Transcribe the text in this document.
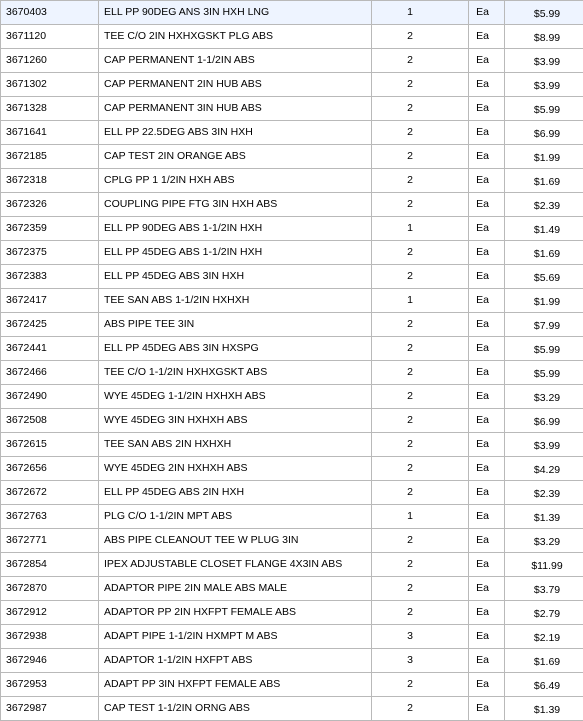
3670403	ELL PP 90DEG ANS 3IN HXH LNG	1	Ea	$5.99
3671120	TEE C/O 2IN HXHXGSKT PLG ABS	2	Ea	$8.99
3671260	CAP PERMANENT 1-1/2IN ABS	2	Ea	$3.99
3671302	CAP PERMANENT 2IN HUB ABS	2	Ea	$3.99
3671328	CAP PERMANENT 3IN HUB ABS	2	Ea	$5.99
3671641	ELL PP 22.5DEG ABS 3IN HXH	2	Ea	$6.99
3672185	CAP TEST 2IN ORANGE ABS	2	Ea	$1.99
3672318	CPLG PP 1 1/2IN HXH ABS	2	Ea	$1.69
3672326	COUPLING PIPE FTG 3IN HXH ABS	2	Ea	$2.39
3672359	ELL PP 90DEG ABS 1-1/2IN HXH	1	Ea	$1.49
3672375	ELL PP 45DEG ABS 1-1/2IN HXH	2	Ea	$1.69
3672383	ELL PP 45DEG ABS 3IN HXH	2	Ea	$5.69
3672417	TEE SAN ABS 1-1/2IN HXHXH	1	Ea	$1.99
3672425	ABS PIPE TEE 3IN	2	Ea	$7.99
3672441	ELL PP 45DEG ABS 3IN HXSPG	2	Ea	$5.99
3672466	TEE C/O 1-1/2IN HXHXGSKT ABS	2	Ea	$5.99
3672490	WYE 45DEG 1-1/2IN HXHXH ABS	2	Ea	$3.29
3672508	WYE 45DEG 3IN HXHXH ABS	2	Ea	$6.99
3672615	TEE SAN ABS 2IN HXHXH	2	Ea	$3.99
3672656	WYE 45DEG 2IN HXHXH ABS	2	Ea	$4.29
3672672	ELL PP 45DEG ABS 2IN HXH	2	Ea	$2.39
3672763	PLG C/O 1-1/2IN MPT ABS	1	Ea	$1.39
3672771	ABS PIPE CLEANOUT TEE W PLUG 3IN	2	Ea	$3.29
3672854	IPEX ADJUSTABLE CLOSET FLANGE 4X3IN ABS	2	Ea	$11.99
3672870	ADAPTOR PIPE 2IN MALE ABS MALE	2	Ea	$3.79
3672912	ADAPTOR PP 2IN HXFPT FEMALE ABS	2	Ea	$2.79
3672938	ADAPT PIPE 1-1/2IN HXMPT M ABS	3	Ea	$2.19
3672946	ADAPTOR 1-1/2IN HXFPT ABS	3	Ea	$1.69
3672953	ADAPT PP 3IN HXFPT FEMALE ABS	2	Ea	$6.49
3672987	CAP TEST 1-1/2IN ORNG ABS	2	Ea	$1.39
